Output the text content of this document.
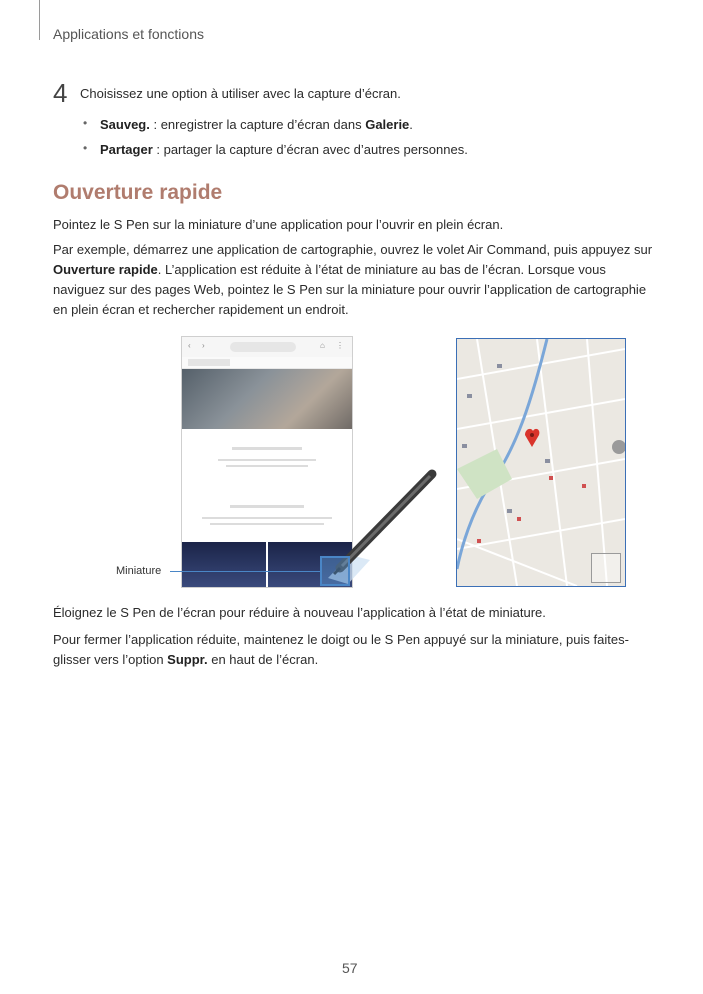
Applications et fonctions
4 Choisissez une option à utiliser avec la capture d’écran.
• Sauveg. : enregistrer la capture d’écran dans Galerie.
• Partager : partager la capture d’écran avec d’autres personnes.
Ouverture rapide
Pointez le S Pen sur la miniature d’une application pour l’ouvrir en plein écran.
Par exemple, démarrez une application de cartographie, ouvrez le volet Air Command, puis appuyez sur Ouverture rapide. L’application est réduite à l’état de miniature au bas de l’écran. Lorsque vous naviguez sur des pages Web, pointez le S Pen sur la miniature pour ouvrir l’application de cartographie en plein écran et rechercher rapidement un endroit.
‹ ›	⌂ ⋮
Miniature
Éloignez le S Pen de l’écran pour réduire à nouveau l’application à l’état de miniature.
Pour fermer l’application réduite, maintenez le doigt ou le S Pen appuyé sur la miniature, puis faites-glisser vers l’option Suppr. en haut de l’écran.
57
